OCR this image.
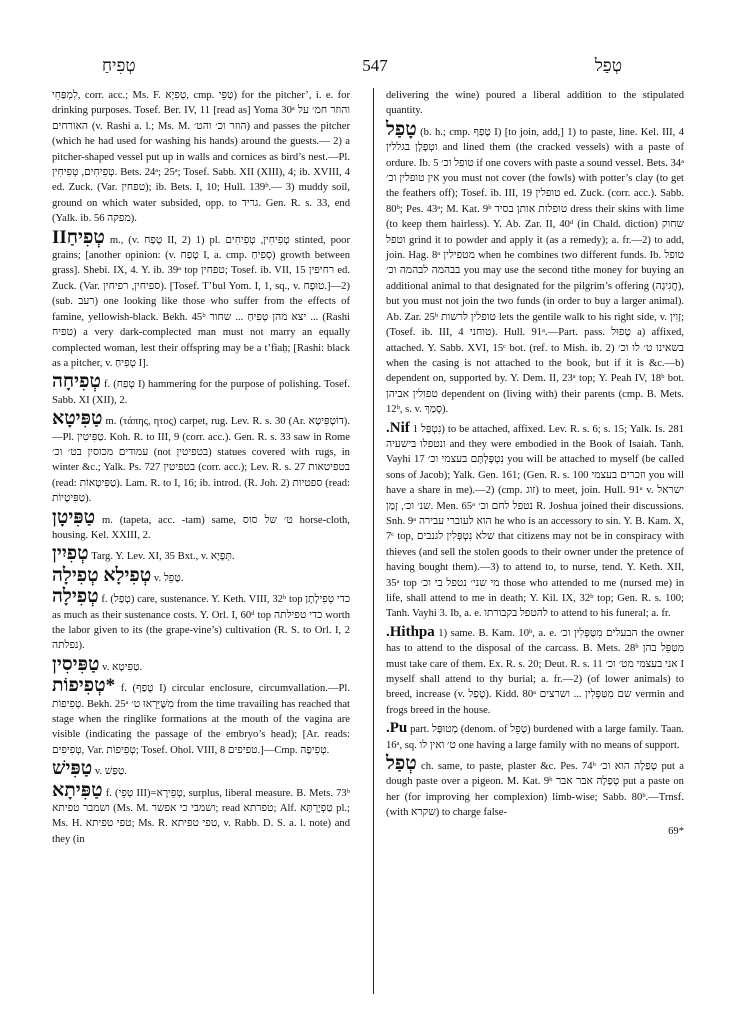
טְפִיחַ	547	טְפַל
לִמְפַּחֵי, corr. acc.; Ms. F. טְפִיָא, cmp. טַפֵּי) for the pitcher’, i. e. for drinking purposes. Tosef. Ber. IV, 11 [read as] Yoma 30ᵃ והוזר חמ׳ על האורחים (v. Rashi a. l.; Ms. M. הוזר וכ׳ והט׳) and passes the pitcher (which he had used for washing his hands) around the guests.— 2) a pitcher-shaped vessel put up in walls and cornices as bird’s nest.—Pl. טְפִיחִים, טְפִיחִין. Bets. 24ᵃ; 25ᵃ; Tosef. Sabb. XII (XIII), 4; ib. XVIII, 4 ed. Zuck. (Var. טפחין); ib. Bets. I, 10; Hull. 139ᵇ.— 3) muddy soil, ground on which water subsided, opp. to גריד. Gen. R. s. 33, end (Yalk. ib. 56 מפקה).
טְפִיחַII m., (v. טְפַח II, 2) 1) pl. טְפִיחִין, טְפִיחִים stinted, poor grains; [another opinion: (v. טְפַח I, a. cmp. סְפִיחַ) growth between grass]. Shebi. IX, 4. Y. ib. 39ᵃ top טפחין; Tosef. ib. VII, 15 רחיפין ed. Zuck. (Var. ספיחין, רפיחין). [Tosef. T’bul Yom. I, 1, sq., v. טוּפָח.]—2) (sub. רעב) one looking like those who suffer from the effects of famine, yellowish-black. Bekh. 45ᵇ יצא מהן טְפִיחַ ... שחור ... (Rashi טפיח) a very dark-complected man must not marry an equally complected woman, lest their offspring may be a t’fiaḥ; [Rashi: black as a pitcher, v. טְפִיחַ I].
טְפִיחָה f. (טְפַח I) hammering for the purpose of polishing. Tosef. Sabb. XI (XII), 2.
טַפִּיטָא m. (τάπης, ητος) carpet, rug. Lev. R. s. 30 (Ar. דוֹטְפִּיטָא).—Pl. טַפִּיטִין. Koh. R. to III, 9 (corr. acc.). Gen. R. s. 33 saw in Rome עמודים מכוסין בט׳ וכ׳ (not בטפיטין) statues covered with rugs, in winter &c.; Yalk. Ps. 727 בטפיטין (corr. acc.); Lev. R. s. 27 בטפיטאות (read: טַפִּיטָאוֹת). Lam. R. to I, 16; ib. introd. (R. Joh. 2) ספטיות (read: טַפִּיטָיוֹת).
טַפִּיטָן m. (tapeta, acc. -tam) same, ט׳ של סוס horse-cloth, housing. Kel. XXIII, 2.
טְפִיִין Targ. Y. Lev. XI, 35 Bxt., v. תְּפָיָא.
טְפִילָא טְפִילָה v. טָפֵל.
טְפִילָה f. (טְפַל) care, sustenance. Y. Keth. VIII, 32ᵇ top כדי טְפִילָתָן as much as their sustenance costs. Y. Orl. I, 60ᵈ top כדי טפילתה worth the labor given to its (the grape-vine’s) cultivation (R. S. to Orl. I, 2 נפלתה).
טַפִּיסִין v. טַפִּיטָא.
*טְפִיפוֹת f. (טָפַף I) circular enclosure, circumvallation.—Pl. טְפִיפוֹת. Bekh. 25ᵃ מִשֶּׁיֵּרְאוּ ט׳ from the time travailing has reached that stage when the ringlike formations at the mouth of the vagina are visible (indicating the passage of the embryo’s head); [Ar. reads: טְפִיפִים, Var. טְפִיפוֹת; Tosef. Ohol. VIII, 8 טפיפים.]—Cmp. טְפִיפָה.
טַפִּישׁ v. טַפַּשׁ.
טַפִּיתָא f. (טְפֵי III)=טְפֵירָא, surplus, liberal measure. B. Mets. 73ᵇ ושמבר טפיתא (Ms. M. ושמבי כי אפשר; read טפרתא; Alf. טַפְיָרְתָּא pl.; Ms. H. טפי טפיתא; Ms. R. טפי טפיתא, v. Rabb. D. S. a. l. note) and they (in
delivering the wine) poured a liberal addition to the stipulated quantity.
טָפַל (b. h.; cmp. טָפַף I) [to join, add,] 1) to paste, line. Kel. III, 4 וטְפָלָן בגללין and lined them (the cracked vessels) with a paste of ordure. Ib. 5 טופל וכ׳ if one covers with paste a sound vessel. Bets. 34ᵃ אין טופלין וכ׳ you must not cover (the fowls) with potter’s clay (to get the feathers off); Tosef. ib. III, 19 טופלין ed. Zuck. (corr. acc.). Sabb. 80ᵇ; Pes. 43ᵃ; M. Kat. 9ᵇ טופלות אותן בסיד dress their skins with lime (to keep them hairless). Y. Ab. Zar. II, 40ᵈ (in Chald. diction) שחוק וטפל grind it to powder and apply it (as a remedy); a. fr.—2) to add, join. Hag. 8ᵃ מטפילין when he combines two different funds. Ib. טופל בבהמה לבהמה וכ׳ you may use the second tithe money for buying an additional animal to that designated for the pilgrim’s offering (חֲגִיגָה), but you must not join the two funds (in order to buy a larger animal). Ab. Zar. 25ᵇ טופלין לרשות lets the gentile walk to his right side, v. זָוִין; (Tosef. ib. III, 4 טוחני). Hull. 91ᵃ.—Part. pass. טָפוּל a) affixed, attached. Y. Sabb. XVI, 15ᶜ bot. (ref. to Mish. ib. 2) בשאינו ט׳ לו וכ׳ when the casing is not attached to the book, but if it is &c.—b) dependent on, supported by. Y. Dem. II, 23ᵃ top; Y. Peah IV, 18ᵇ bot. טפולין אביהן dependent on (living with) their parents (cmp. B. Mets. 12ᵇ, s. v. סָמַךְ).
Nif. נִטְפַּל 1) to be attached, affixed. Lev. R. s. 6; s. 15; Yalk. Is. 281 ונטפלו בישעיה and they were embodied in the Book of Isaiah. Tanh. Vayhi 17 נִטְפָּלְתָּם בעצמי וכ׳ you will be attached to myself (be called sons of Jacob); Yalk. Gen. 161; (Gen. R. s. 100 וזכרים בעצמי you will have a share in me).—2) (cmp. זוג) to meet, join. Hull. 91ᵃ v. ישראל שנ׳ וכ׳, זָמַן. Men. 65ᵃ נטפל לחם וכ׳ R. Joshua joined their discussions. Snh. 9ᵃ הוא לעוברי עבירה he who is an accessory to sin. Y. B. Kam. X, 7ᶜ top, שלא נִטְפְּלִין לגנבים that citizens may not be in conspiracy with thieves (and sell the stolen goods to their owner under the pretence of having bought them).—3) to attend to, to nurse, tend. Y. Keth. XII, 35ᵃ top מי שני׳ נטפל בי וכ׳ those who attended to me (nursed me) in life, shall attend to me in death; Y. Kil. IX, 32ᵇ top; Gen. R. s. 100; Tanh. Vayhi 3. Ib, a. e. להטפל בקבורתו to attend to his funeral; a. fr.
Hithpa. 1) same. B. Kam. 10ᵇ, a. e. הבעלים מִטַּפְּלִין וכ׳ the owner has to attend to the disposal of the carcass. B. Mets. 28ᵇ מִטַּפֵּל בהן must take care of them. Ex. R. s. 20; Deut. R. s. 11 אני בעצמי מט׳ וכ׳ I myself shall attend to thy burial; a. fr.—2) (of lower animals) to breed, increase (v. טָפַל). Kidd. 80ᵃ שם מִטַּפְּלִין ... ושרצים vermin and frogs breed in the house.
Pu. part. מְטוּפָּל (denom. of טָפֵל) burdened with a large family. Taan. 16ᵃ, sq. ט׳ ואין לו one having a large family with no means of support.
טְפַל ch. same, to paste, plaster &c. Pes. 74ᵇ טְפַלָה הוא וכ׳ put a dough paste over a pigeon. M. Kat. 9ᵇ טְפַלָה אבר אבר put a paste on her (for improving her complexion) limb-wise; Sabb. 80ᵇ.—Trnsf. (with שקרא) to charge false-
69*
